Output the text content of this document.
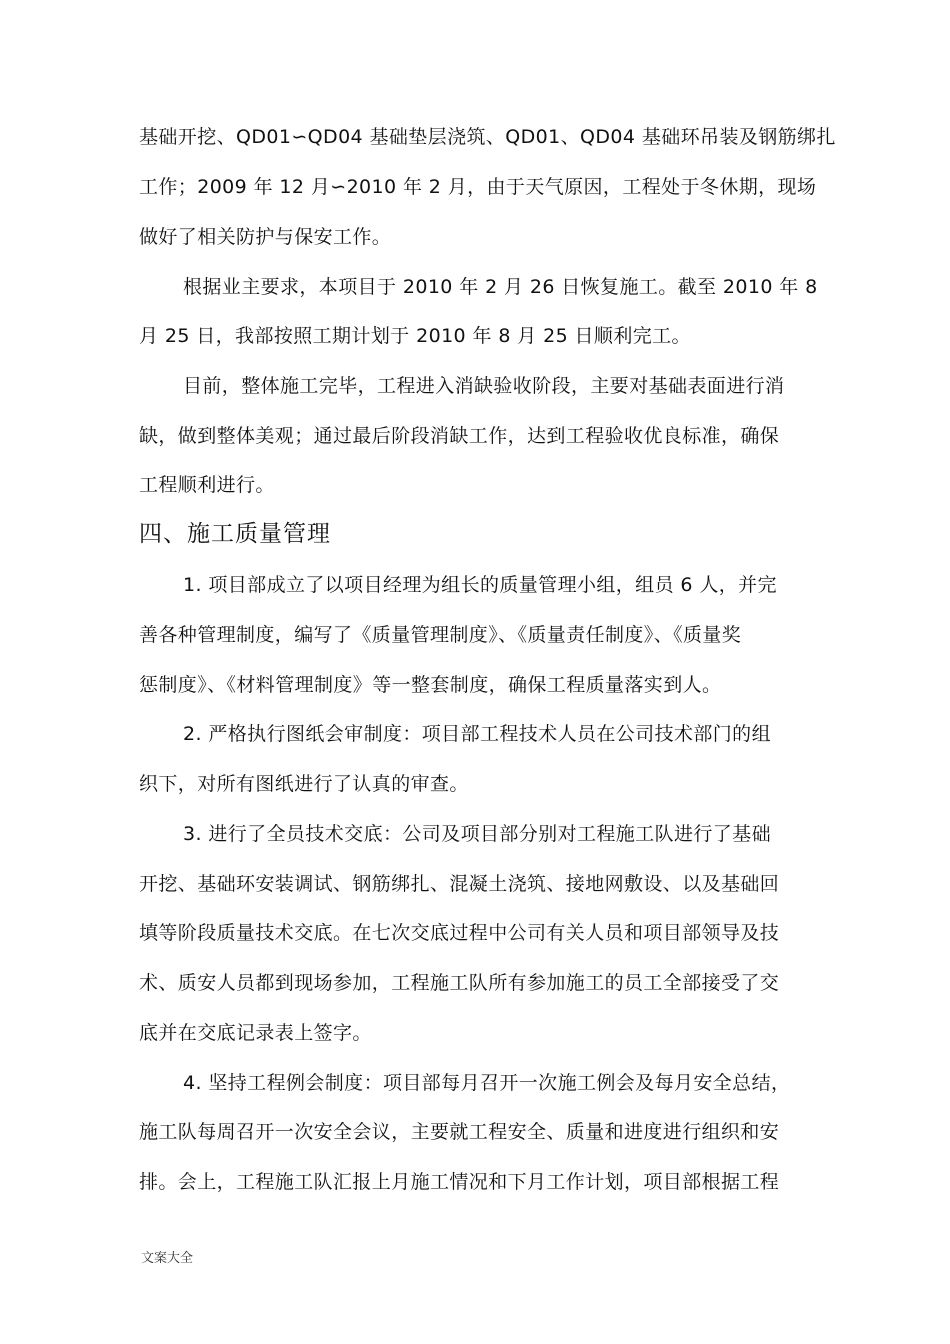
基础开挖、QD01∽QD04 基础垫层浇筑、QD01、QD04 基础环吊装及钢筋绑扎
工作；2009 年 12 月∽2010 年 2 月，由于天气原因，工程处于冬休期，现场
做好了相关防护与保安工作。
根据业主要求，本项目于 2010 年 2 月 26 日恢复施工。截至 2010 年 8
月 25 日，我部按照工期计划于 2010 年 8 月 25 日顺利完工。
目前，整体施工完毕，工程进入消缺验收阶段，主要对基础表面进行消
缺，做到整体美观；通过最后阶段消缺工作，达到工程验收优良标准，确保
工程顺利进行。
四、施工质量管理
1. 项目部成立了以项目经理为组长的质量管理小组，组员 6 人，并完
善各种管理制度，编写了《质量管理制度》、《质量责任制度》、《质量奖
惩制度》、《材料管理制度》等一整套制度，确保工程质量落实到人。
2. 严格执行图纸会审制度：项目部工程技术人员在公司技术部门的组
织下，对所有图纸进行了认真的审查。
3. 进行了全员技术交底：公司及项目部分别对工程施工队进行了基础
开挖、基础环安装调试、钢筋绑扎、混凝土浇筑、接地网敷设、以及基础回
填等阶段质量技术交底。在七次交底过程中公司有关人员和项目部领导及技
术、质安人员都到现场参加，工程施工队所有参加施工的员工全部接受了交
底并在交底记录表上签字。
4. 坚持工程例会制度：项目部每月召开一次施工例会及每月安全总结，
施工队每周召开一次安全会议，主要就工程安全、质量和进度进行组织和安
排。会上，工程施工队汇报上月施工情况和下月工作计划，项目部根据工程
文案大全
